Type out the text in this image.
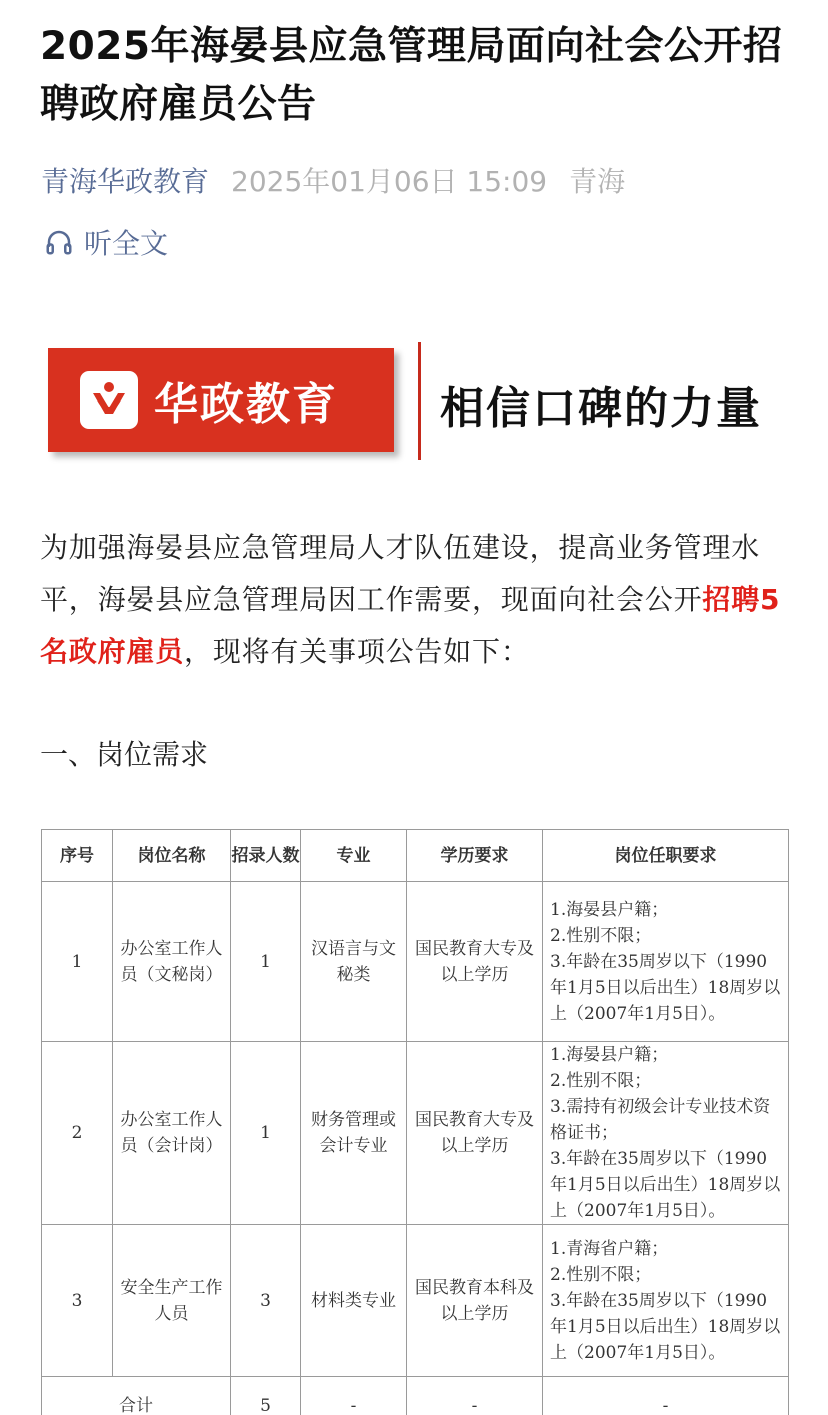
2025年海晏县应急管理局面向社会公开招聘政府雇员公告
青海华政教育 2025年01月06日 15:09 青海
听全文
华政教育 相信口碑的力量

为加强海晏县应急管理局人才队伍建设，提高业务管理水平，海晏县应急管理局因工作需要，现面向社会公开招聘5名政府雇员，现将有关事项公告如下：

一、岗位需求
序号	岗位名称	招录人数	专业	学历要求	岗位任职要求
1	办公室工作人员（文秘岗）	1	汉语言与文秘类	国民教育大专及以上学历	1.海晏县户籍；
2.性别不限；
3.年龄在35周岁以下（1990年1月5日以后出生）18周岁以上（2007年1月5日）。

2	办公室工作人员（会计岗）	1	财务管理或会计专业	国民教育大专及以上学历	1.海晏县户籍；
2.性别不限；
3.需持有初级会计专业技术资格证书；
3.年龄在35周岁以下（1990年1月5日以后出生）18周岁以上（2007年1月5日）。

3	安全生产工作人员	3	材料类专业	国民教育本科及以上学历	1.青海省户籍；
2.性别不限；
3.年龄在35周岁以下（1990年1月5日以后出生）18周岁以上（2007年1月5日）。

合计		5	-	-	-
